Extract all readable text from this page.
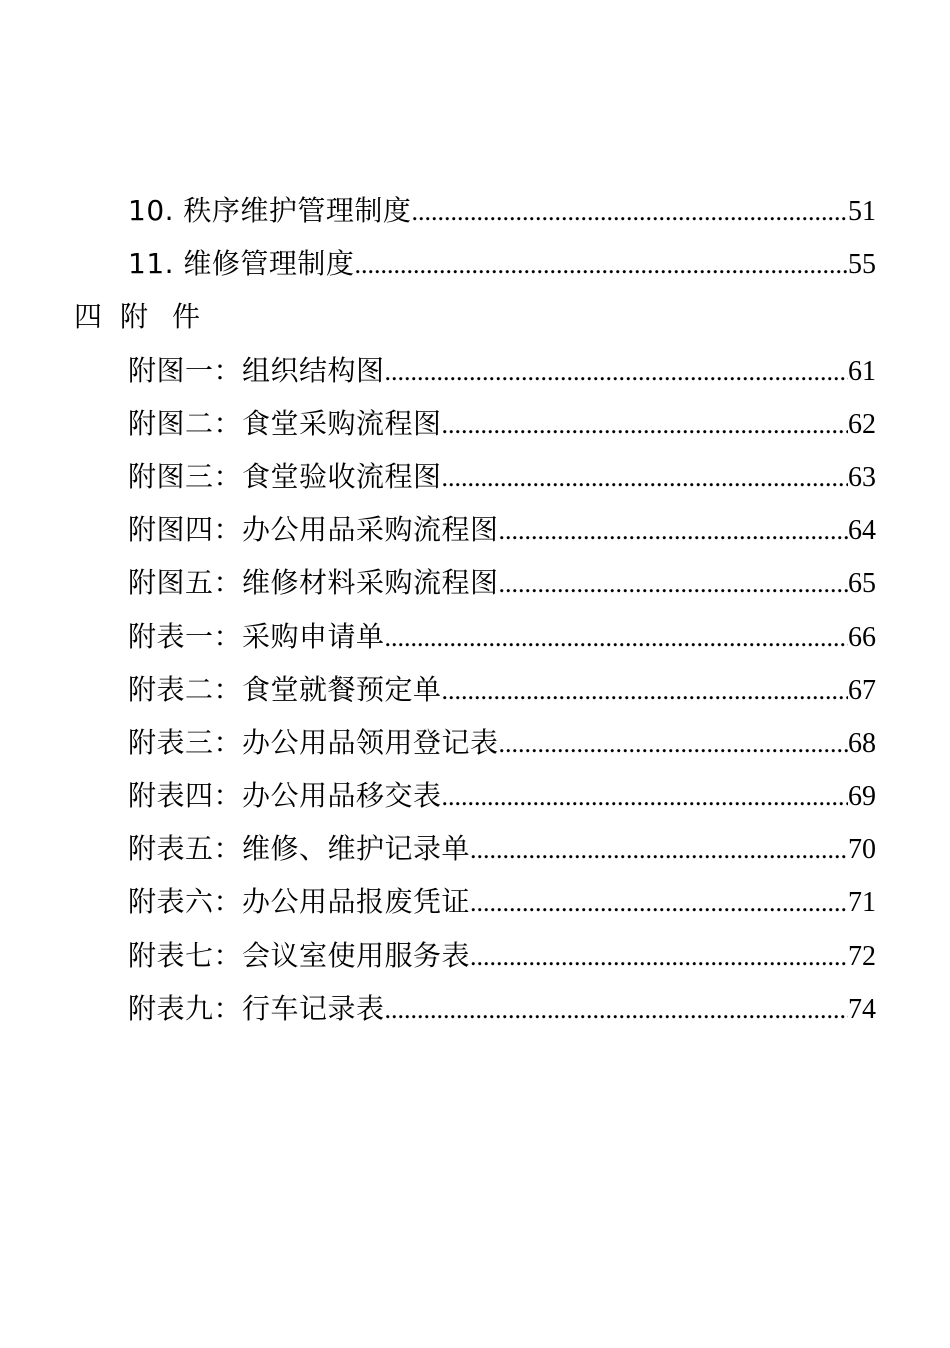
10. 秩序维护管理制度 .....	51
11. 维修管理制度 .....	55
四 附件
附图一：组织结构图 .....	61
附图二：食堂采购流程图 .....	62
附图三：食堂验收流程图 .....	63
附图四：办公用品采购流程图 .....	64
附图五：维修材料采购流程图 .....	65
附表一：采购申请单 .....	66
附表二：食堂就餐预定单 .....	67
附表三：办公用品领用登记表 .....	68
附表四：办公用品移交表 .....	69
附表五：维修、维护记录单 .....	70
附表六：办公用品报废凭证 .....	71
附表七：会议室使用服务表 .....	72
附表九：行车记录表 .....	74
